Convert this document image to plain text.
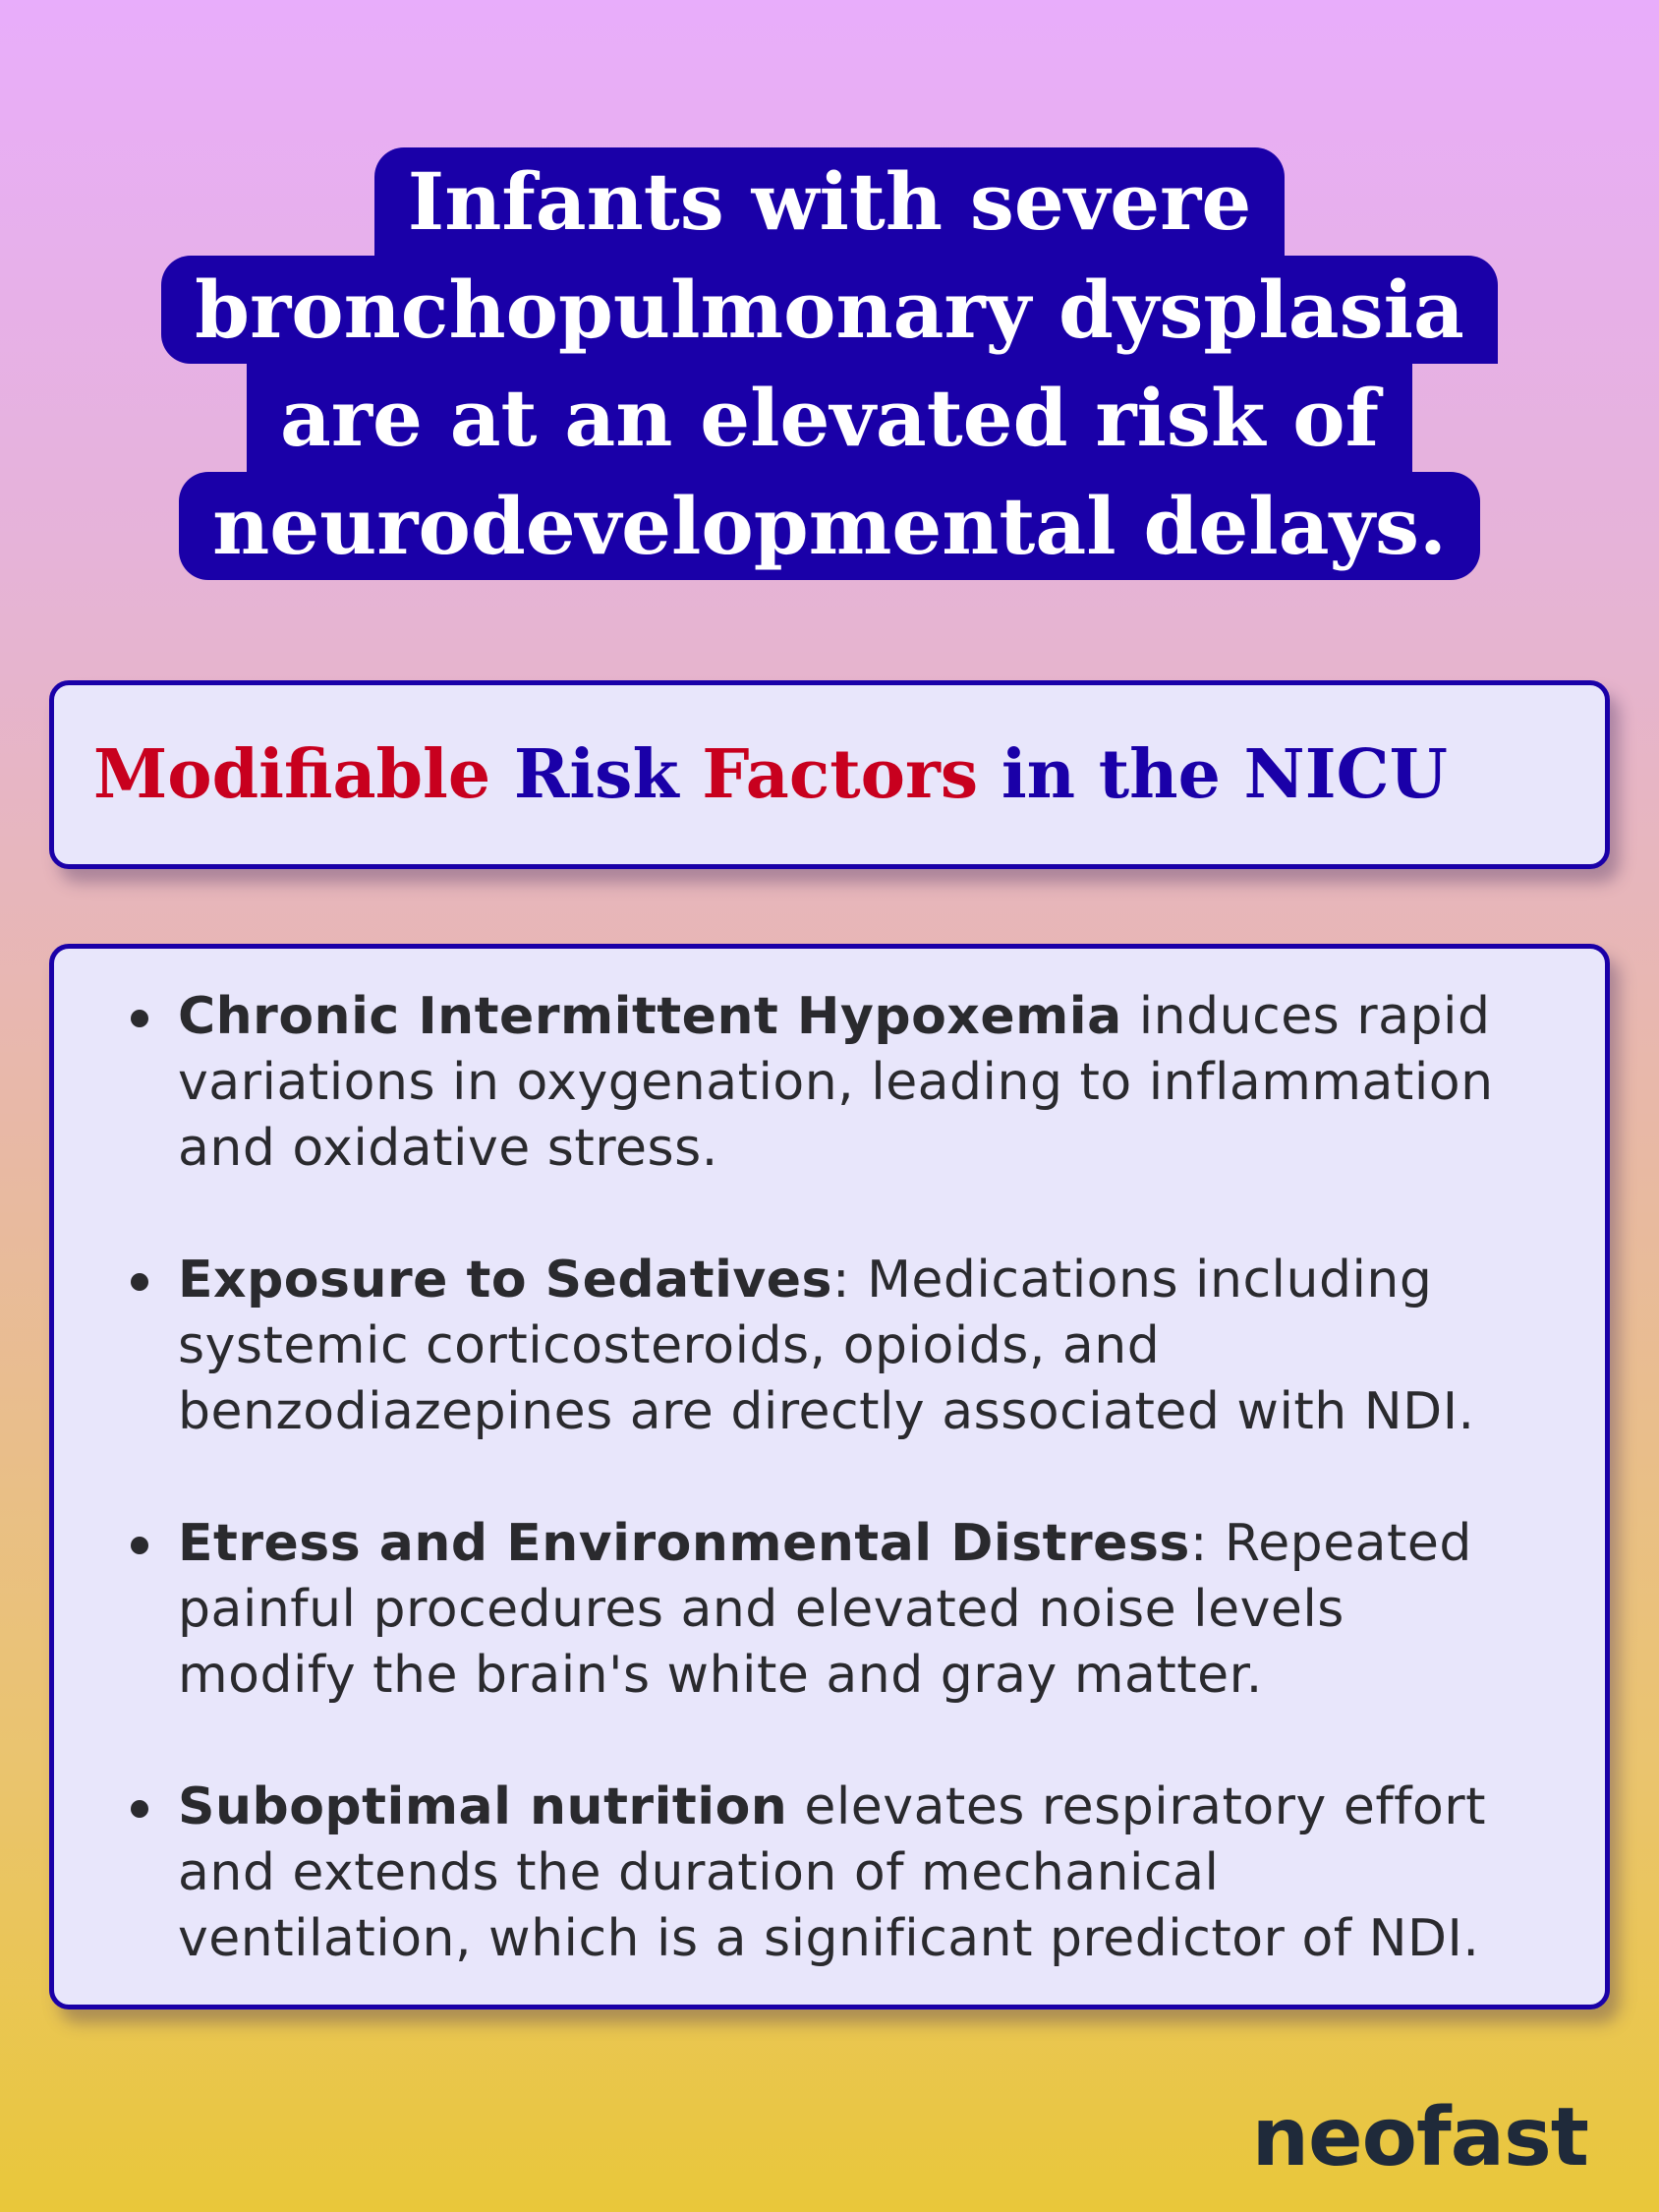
Infants with severe
bronchopulmonary dysplasia
are at an elevated risk of
neurodevelopmental delays.
Modifiable Risk Factors in the NICU
Chronic Intermittent Hypoxemia induces rapid
variations in oxygenation, leading to inflammation
and oxidative stress.
Exposure to Sedatives: Medications including
systemic corticosteroids, opioids, and
benzodiazepines are directly associated with NDI.
Etress and Environmental Distress: Repeated
painful procedures and elevated noise levels
modify the brain's white and gray matter.
Suboptimal nutrition elevates respiratory effort
and extends the duration of mechanical
ventilation, which is a significant predictor of NDI.
neofast
